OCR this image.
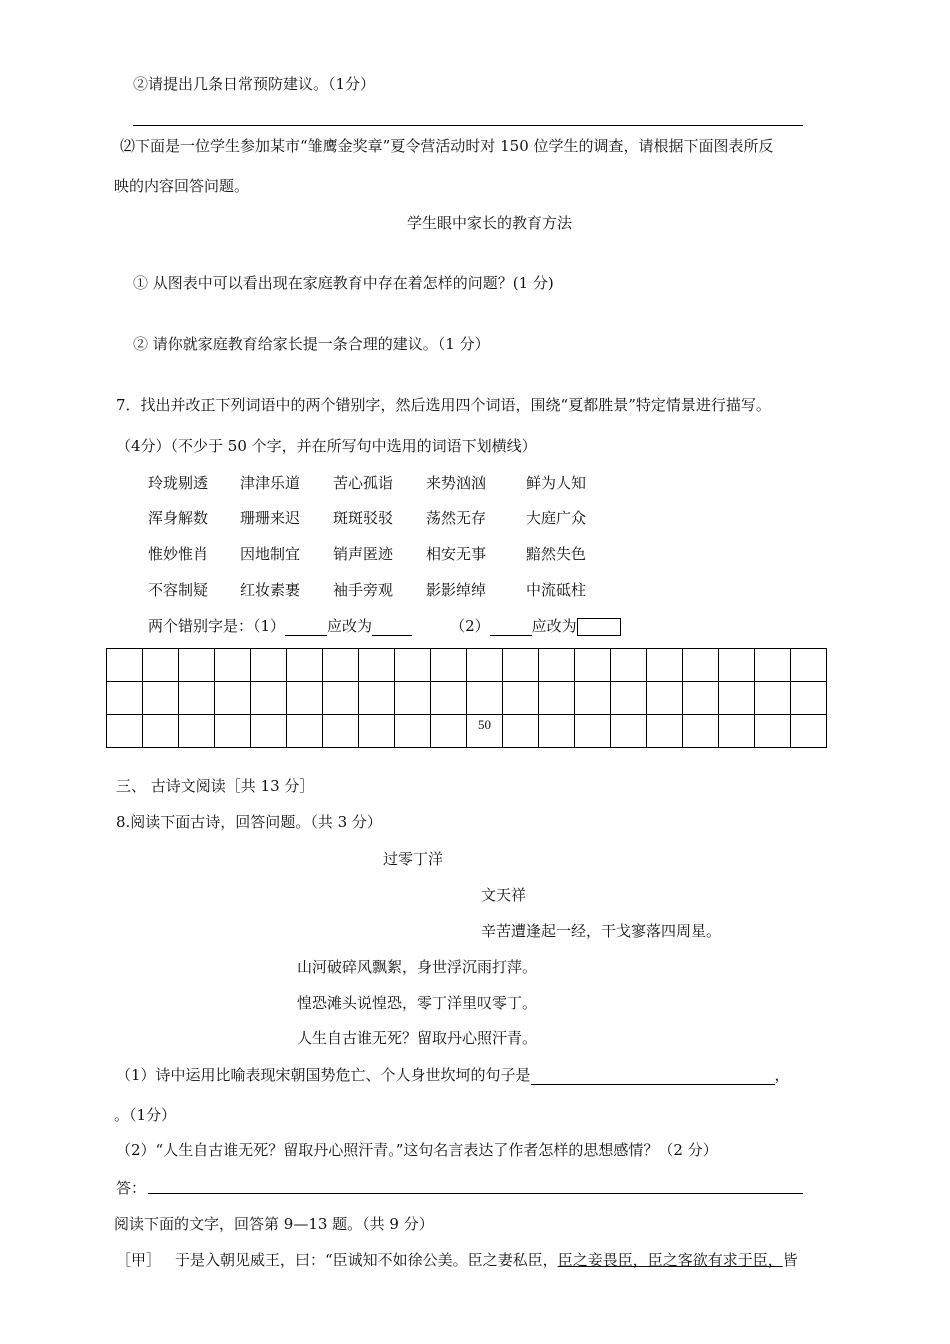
②请提出几条日常预防建议。（1分）
⑵下面是一位学生参加某市“雏鹰金奖章”夏令营活动时对 150 位学生的调查，请根据下面图表所反
映的内容回答问题。
学生眼中家长的教育方法
① 从图表中可以看出现在家庭教育中存在着怎样的问题？(1 分)
② 请你就家庭教育给家长提一条合理的建议。（1 分）
7．找出并改正下列词语中的两个错别字，然后选用四个词语，围绕“夏都胜景”特定情景进行描写。
（4分）（不少于 50 个字，并在所写句中选用的词语下划横线）
玲珑剔透 津津乐道 苦心孤诣 来势汹汹	鲜为人知
浑身解数 珊珊来迟 斑斑驳驳 荡然无存	大庭广众
惟妙惟肖 因地制宜 销声匿迹 相安无事	黯然失色
不容制疑 红妆素裹 袖手旁观 影影绰绰	中流砥柱
两个错别字是：（1）	应改为	（2）	应改为

										50									

三、 古诗文阅读［共 13 分］
8.阅读下面古诗，回答问题。（共 3 分）
过零丁洋
文天祥
辛苦遭逢起一经，干戈寥落四周星。
山河破碎风飘絮，身世浮沉雨打萍。
惶恐滩头说惶恐，零丁洋里叹零丁。
人生自古谁无死？留取丹心照汗青。
（1）诗中运用比喻表现宋朝国势危亡、个人身世坎坷的句子是	，
。（1分）
（2）“人生自古谁无死？留取丹心照汗青。”这句名言表达了作者怎样的思想感情？（2 分）
答：
阅读下面的文字，回答第 9—13 题。（共 9 分）
［甲］ 于是入朝见威王，曰：“臣诚知不如徐公美。臣之妻私臣，臣之妾畏臣，臣之客欲有求于臣，皆
